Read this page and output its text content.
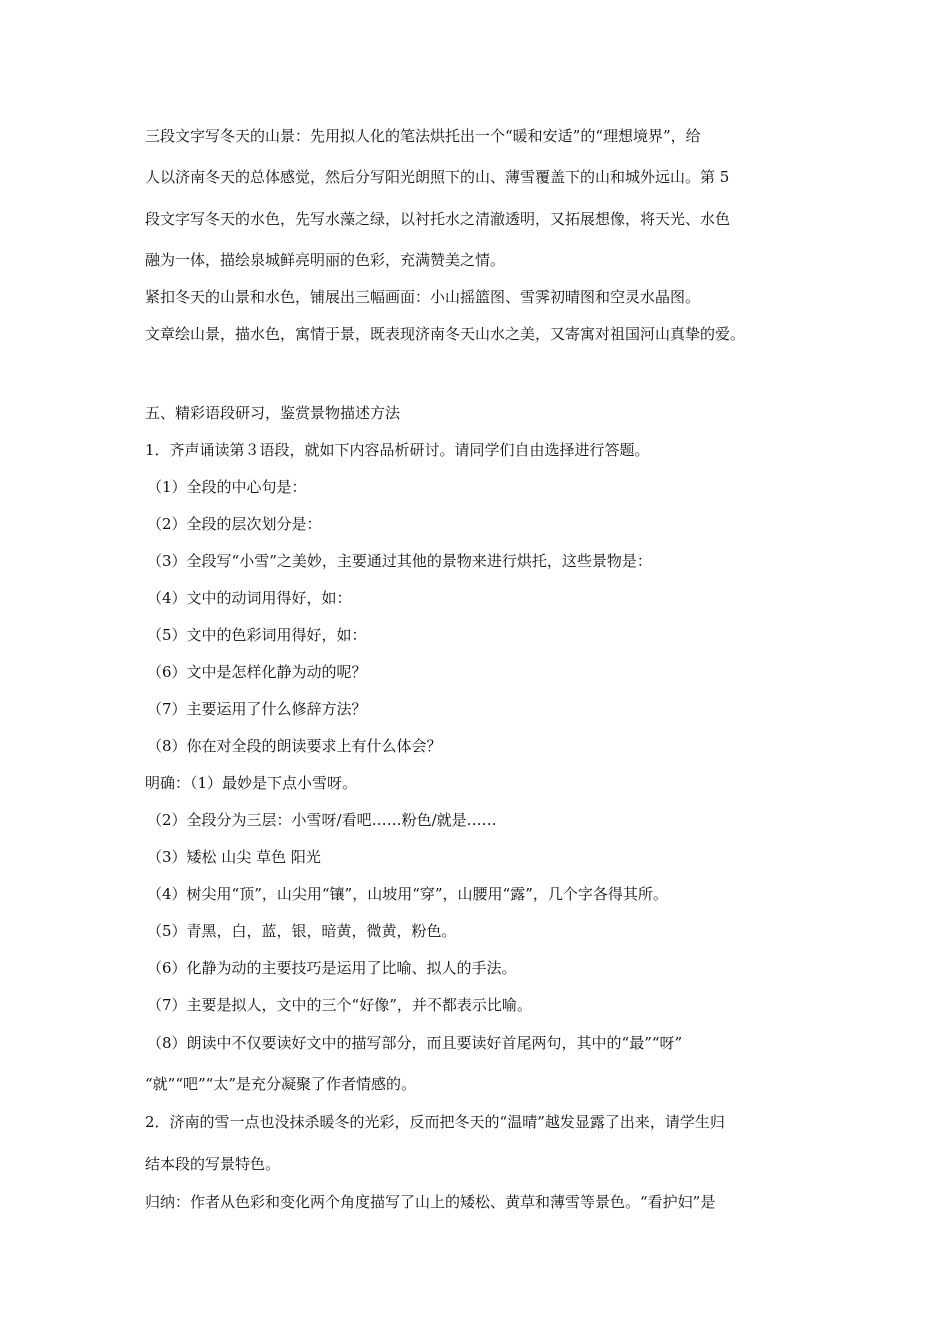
三段文字写冬天的山景：先用拟人化的笔法烘托出一个“暖和安适”的“理想境界”，给
人以济南冬天的总体感觉，然后分写阳光朗照下的山、薄雪覆盖下的山和城外远山。第 5
段文字写冬天的水色，先写水藻之绿，以衬托水之清澈透明，又拓展想像，将天光、水色
融为一体，描绘泉城鲜亮明丽的色彩，充满赞美之情。
紧扣冬天的山景和水色，铺展出三幅画面：小山摇篮图、雪霁初晴图和空灵水晶图。
文章绘山景，描水色，寓情于景，既表现济南冬天山水之美，又寄寓对祖国河山真挚的爱。
五、精彩语段研习，鉴赏景物描述方法
1．齐声诵读第３语段，就如下内容品析研讨。请同学们自由选择进行答题。
（1）全段的中心句是：
（2）全段的层次划分是：
（3）全段写“小雪”之美妙，主要通过其他的景物来进行烘托，这些景物是：
（4）文中的动词用得好，如：
（5）文中的色彩词用得好，如：
（6）文中是怎样化静为动的呢？
（7）主要运用了什么修辞方法？
（8）你在对全段的朗读要求上有什么体会？
明确：（1）最妙是下点小雪呀。
（2）全段分为三层：小雪呀/看吧……粉色/就是……
（3）矮松 山尖 草色 阳光
（4）树尖用“顶”，山尖用“镶”，山坡用“穿”，山腰用“露”，几个字各得其所。
（5）青黑，白，蓝，银，暗黄，微黄，粉色。
（6）化静为动的主要技巧是运用了比喻、拟人的手法。
（7）主要是拟人，文中的三个“好像”，并不都表示比喻。
（8）朗读中不仅要读好文中的描写部分，而且要读好首尾两句，其中的“最”“呀”
“就”“吧”“太”是充分凝聚了作者情感的。
2．济南的雪一点也没抹杀暖冬的光彩，反而把冬天的“温晴”越发显露了出来，请学生归
结本段的写景特色。
归纳：作者从色彩和变化两个角度描写了山上的矮松、黄草和薄雪等景色。“看护妇”是
